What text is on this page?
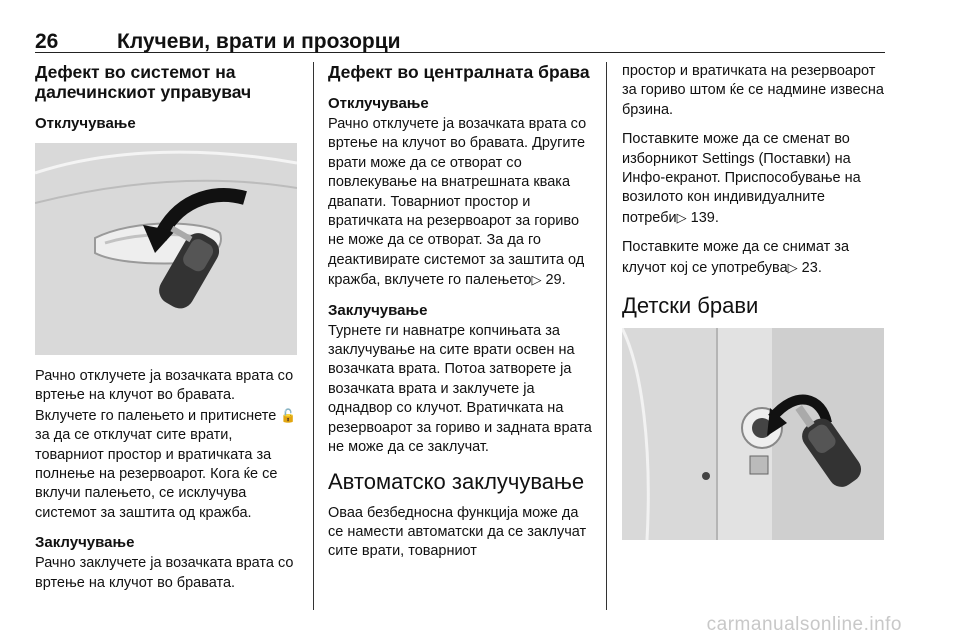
26	Клучеви, врати и прозорци
Дефект во системот на далечинскиот управувач
Отклучување

Рачно отклучете ја возачката врата со вртење на клучот во бравата. Вклучете го палењето и притиснете 🔓 за да се отклучат сите врати, товарниот простор и вратичката за полнење на резервоарот. Кога ќе се вклучи палењето, се исклучува системот за заштита од кражба.

Заклучување

Рачно заклучете ја возачката врата со вртење на клучот во бравата.

Дефект во централната брава
Отклучување

Рачно отклучете ја возачката врата со вртење на клучот во бравата. Другите врати може да се отворат со повлекување на внатрешната квака двапати. Товарниот простор и вратичката на резервоарот за гориво не може да се отворат. За да го деактивирате системот за заштита од кражба, вклучете го палењето▷ 29.

Заклучување

Турнете ги навнатре копчињата за заклучување на сите врати освен на возачката врата. Потоа затворете ја возачката врата и заклучете ја однадвор со клучот. Вратичката на резервоарот за гориво и задната врата не може да се заклучат.

Автоматско заклучување

Оваа безбедносна функција може да се намести автоматски да се заклучат сите врати, товарниот

простор и вратичката на резервоарот за гориво штом ќе се надмине извесна брзина.

Поставките може да се сменат во изборникот Settings (Поставки) на Инфо-екранот. Приспособување на возилото кон индивидуалните потреби▷ 139.

Поставките може да се снимат за клучот кој се употребува▷ 23.

Детски брави
carmanualsonline.info
